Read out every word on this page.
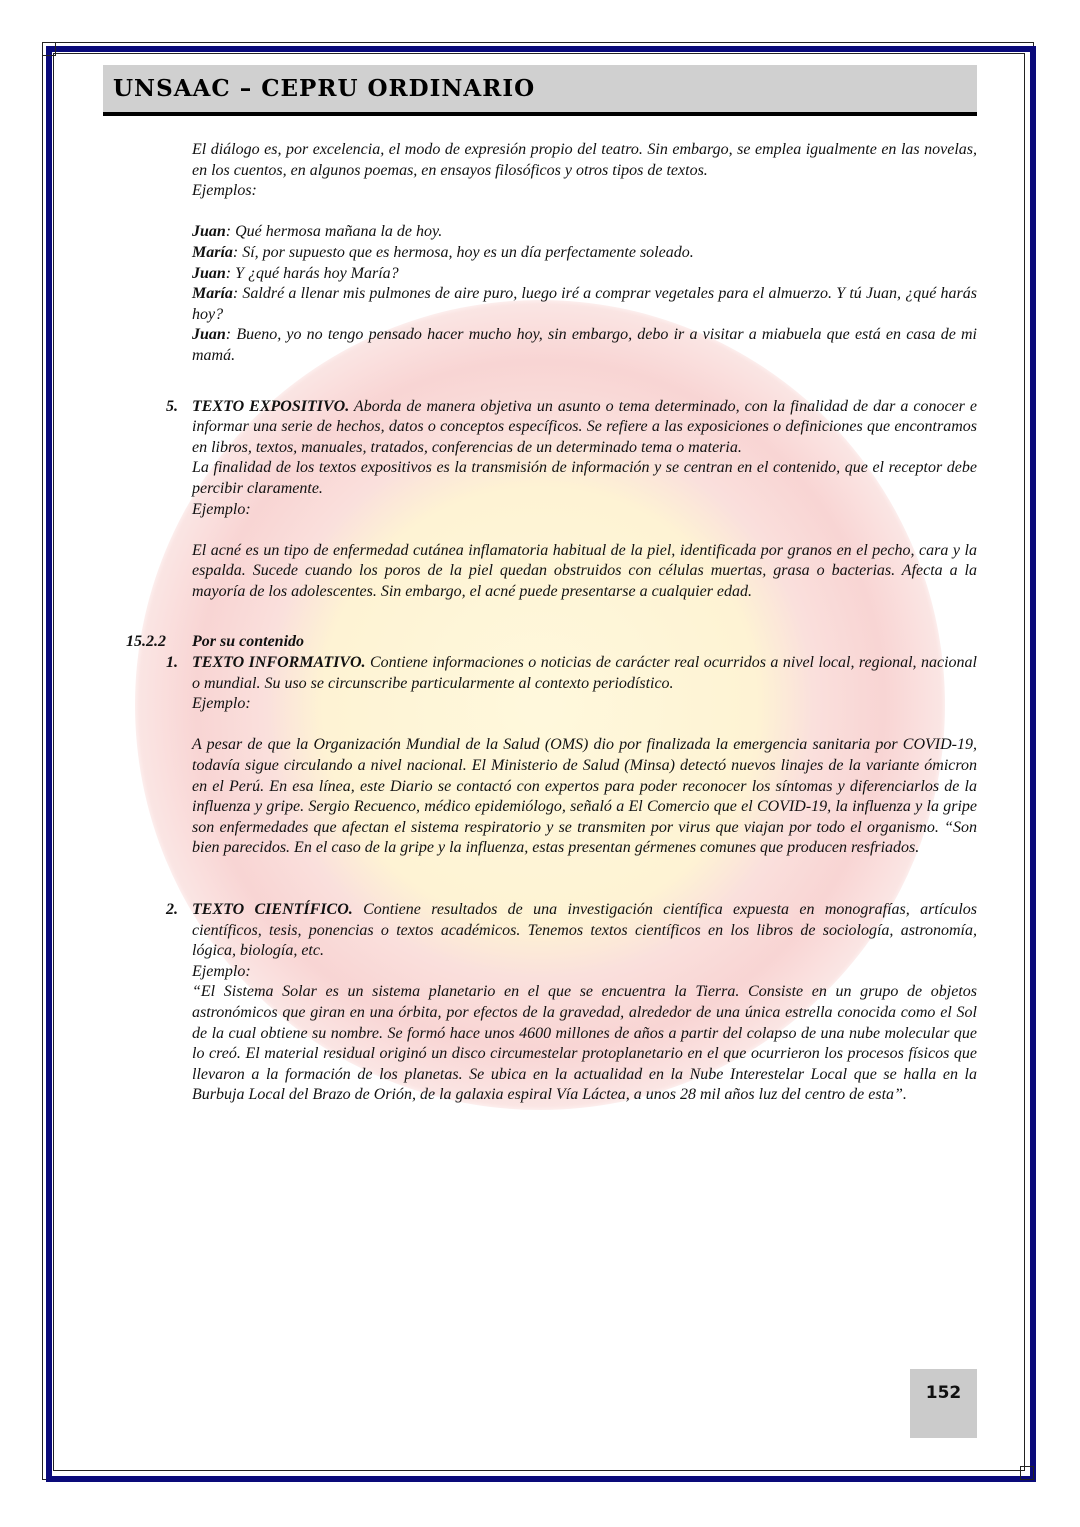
UNSAAC – CEPRU ORDINARIO

El diálogo es, por excelencia, el modo de expresión propio del teatro. Sin embargo, se emplea igualmente en las novelas, en los cuentos, en algunos poemas, en ensayos filosóficos y otros tipos de textos.

Ejemplos:

Juan: Qué hermosa mañana la de hoy.

María: Sí, por supuesto que es hermosa, hoy es un día perfectamente soleado.

Juan: Y ¿qué harás hoy María?

María: Saldré a llenar mis pulmones de aire puro, luego iré a comprar vegetales para el almuerzo. Y tú Juan, ¿qué harás hoy?

Juan: Bueno, yo no tengo pensado hacer mucho hoy, sin embargo, debo ir a visitar a miabuela que está en casa de mi mamá.

5. TEXTO EXPOSITIVO. Aborda de manera objetiva un asunto o tema determinado, con la finalidad de dar a conocer e informar una serie de hechos, datos o conceptos específicos. Se refiere a las exposiciones o definiciones que encontramos en libros, textos, manuales, tratados, conferencias de un determinado tema o materia.

La finalidad de los textos expositivos es la transmisión de información y se centran en el contenido, que el receptor debe percibir claramente.

Ejemplo:

El acné es un tipo de enfermedad cutánea inflamatoria habitual de la piel, identificada por granos en el pecho, cara y la espalda. Sucede cuando los poros de la piel quedan obstruidos con células muertas, grasa o bacterias. Afecta a la mayoría de los adolescentes. Sin embargo, el acné puede presentarse a cualquier edad.

15.2.2 Por su contenido
1. TEXTO INFORMATIVO. Contiene informaciones o noticias de carácter real ocurridos a nivel local, regional, nacional o mundial. Su uso se circunscribe particularmente al contexto periodístico.

Ejemplo:

A pesar de que la Organización Mundial de la Salud (OMS) dio por finalizada la emergencia sanitaria por COVID-19, todavía sigue circulando a nivel nacional. El Ministerio de Salud (Minsa) detectó nuevos linajes de la variante ómicron en el Perú. En esa línea, este Diario se contactó con expertos para poder reconocer los síntomas y diferenciarlos de la influenza y gripe. Sergio Recuenco, médico epidemiólogo, señaló a El Comercio que el COVID-19, la influenza y la gripe son enfermedades que afectan el sistema respiratorio y se transmiten por virus que viajan por todo el organismo. “Son bien parecidos. En el caso de la gripe y la influenza, estas presentan gérmenes comunes que producen resfriados.

2. TEXTO CIENTÍFICO. Contiene resultados de una investigación científica expuesta en monografías, artículos científicos, tesis, ponencias o textos académicos. Tenemos textos científicos en los libros de sociología, astronomía, lógica, biología, etc.

Ejemplo:

“El Sistema Solar es un sistema planetario en el que se encuentra la Tierra. Consiste en un grupo de objetos astronómicos que giran en una órbita, por efectos de la gravedad, alrededor de una única estrella conocida como el Sol de la cual obtiene su nombre. Se formó hace unos 4600 millones de años a partir del colapso de una nube molecular que lo creó. El material residual originó un disco circumestelar protoplanetario en el que ocurrieron los procesos físicos que llevaron a la formación de los planetas. Se ubica en la actualidad en la Nube Interestelar Local que se halla en la Burbuja Local del Brazo de Orión, de la galaxia espiral Vía Láctea, a unos 28 mil años luz del centro de esta”.

152
